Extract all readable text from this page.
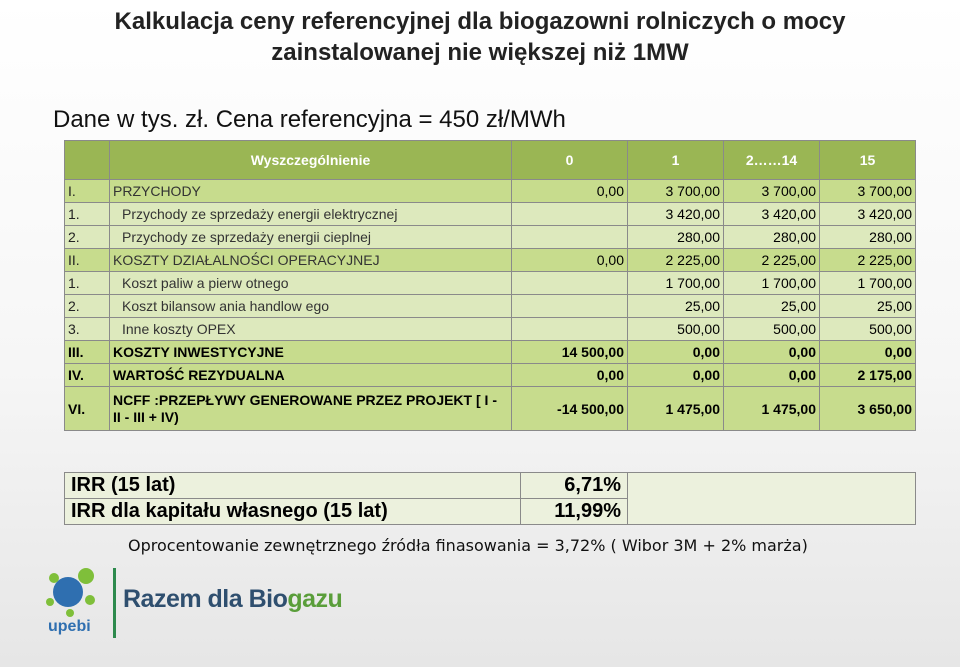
Kalkulacja ceny referencyjnej dla biogazowni rolniczych o mocy zainstalowanej nie większej niż 1MW
Dane w tys. zł. Cena referencyjna = 450 zł/MWh
	Wyszczególnienie	0	1	2……14	15
I.	PRZYCHODY	0,00	3 700,00	3 700,00	3 700,00
1.	Przychody ze sprzedaży energii elektrycznej		3 420,00	3 420,00	3 420,00
2.	Przychody ze sprzedaży energii cieplnej		280,00	280,00	280,00
II.	KOSZTY DZIAŁALNOŚCI OPERACYJNEJ	0,00	2 225,00	2 225,00	2 225,00
1.	Koszt paliw a pierw otnego		1 700,00	1 700,00	1 700,00
2.	Koszt bilansow ania handlow ego		25,00	25,00	25,00
3.	Inne koszty OPEX		500,00	500,00	500,00
III.	KOSZTY INWESTYCYJNE	14 500,00	0,00	0,00	0,00
IV.	WARTOŚĆ REZYDUALNA	0,00	0,00	0,00	2 175,00
VI.	NCFF :PRZEPŁYWY GENEROWANE PRZEZ PROJEKT [ I - II - III + IV)	-14 500,00	1 475,00	1 475,00	3 650,00
IRR (15 lat)	6,71%	
IRR dla kapitału własnego (15 lat)	11,99%	
Oprocentowanie zewnętrznego źródła finasowania = 3,72% ( Wibor 3M + 2% marża)
upebi
Razem dla Biogazu
